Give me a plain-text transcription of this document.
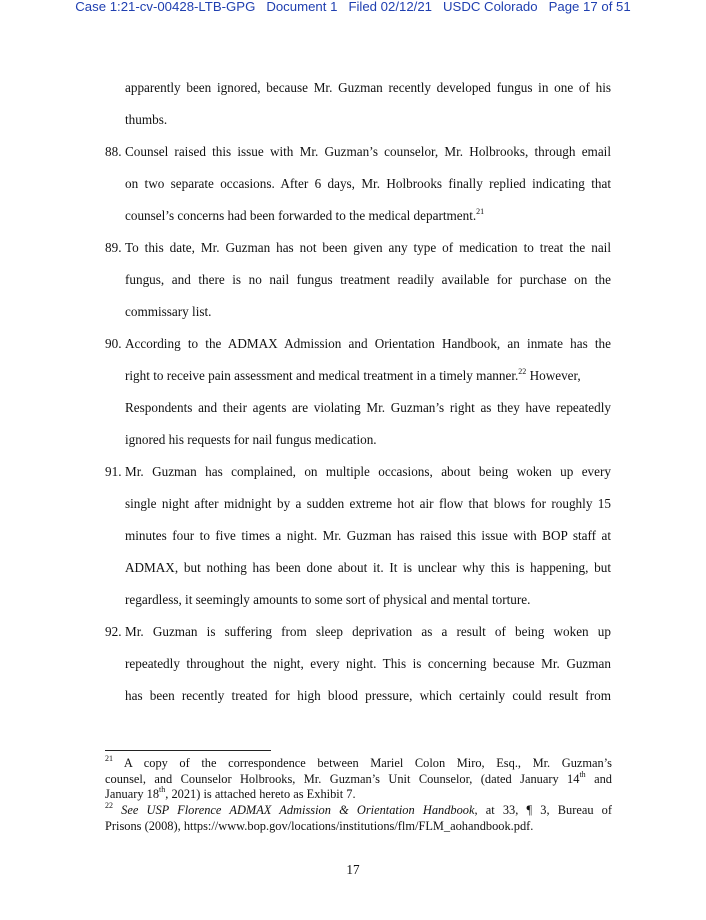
Case 1:21-cv-00428-LTB-GPG Document 1 Filed 02/12/21 USDC Colorado Page 17 of 51
apparently been ignored, because Mr. Guzman recently developed fungus in one of his
thumbs.
88. Counsel raised this issue with Mr. Guzman’s counselor, Mr. Holbrooks, through email
on two separate occasions. After 6 days, Mr. Holbrooks finally replied indicating that
counsel’s concerns had been forwarded to the medical department.$^{21}$
89. To this date, Mr. Guzman has not been given any type of medication to treat the nail
fungus, and there is no nail fungus treatment readily available for purchase on the
commissary list.
90. According to the ADMAX Admission and Orientation Handbook, an inmate has the
right to receive pain assessment and medical treatment in a timely manner.$^{22}$ However,
Respondents and their agents are violating Mr. Guzman’s right as they have repeatedly
ignored his requests for nail fungus medication.
91. Mr. Guzman has complained, on multiple occasions, about being woken up every
single night after midnight by a sudden extreme hot air flow that blows for roughly 15
minutes four to five times a night. Mr. Guzman has raised this issue with BOP staff at
ADMAX, but nothing has been done about it. It is unclear why this is happening, but
regardless, it seemingly amounts to some sort of physical and mental torture.
92. Mr. Guzman is suffering from sleep deprivation as a result of being woken up
repeatedly throughout the night, every night. This is concerning because Mr. Guzman
has been recently treated for high blood pressure, which certainly could result from
$^{21}$ A copy of the correspondence between Mariel Colon Miro, Esq., Mr. Guzman’s
counsel, and Counselor Holbrooks, Mr. Guzman’s Unit Counselor, (dated January 14th and
January 18th, 2021) is attached hereto as Exhibit 7.
$^{22}$ See USP Florence ADMAX Admission & Orientation Handbook, at 33, ¶ 3, Bureau of
Prisons (2008), https://www.bop.gov/locations/institutions/flm/FLM_aohandbook.pdf.
17
